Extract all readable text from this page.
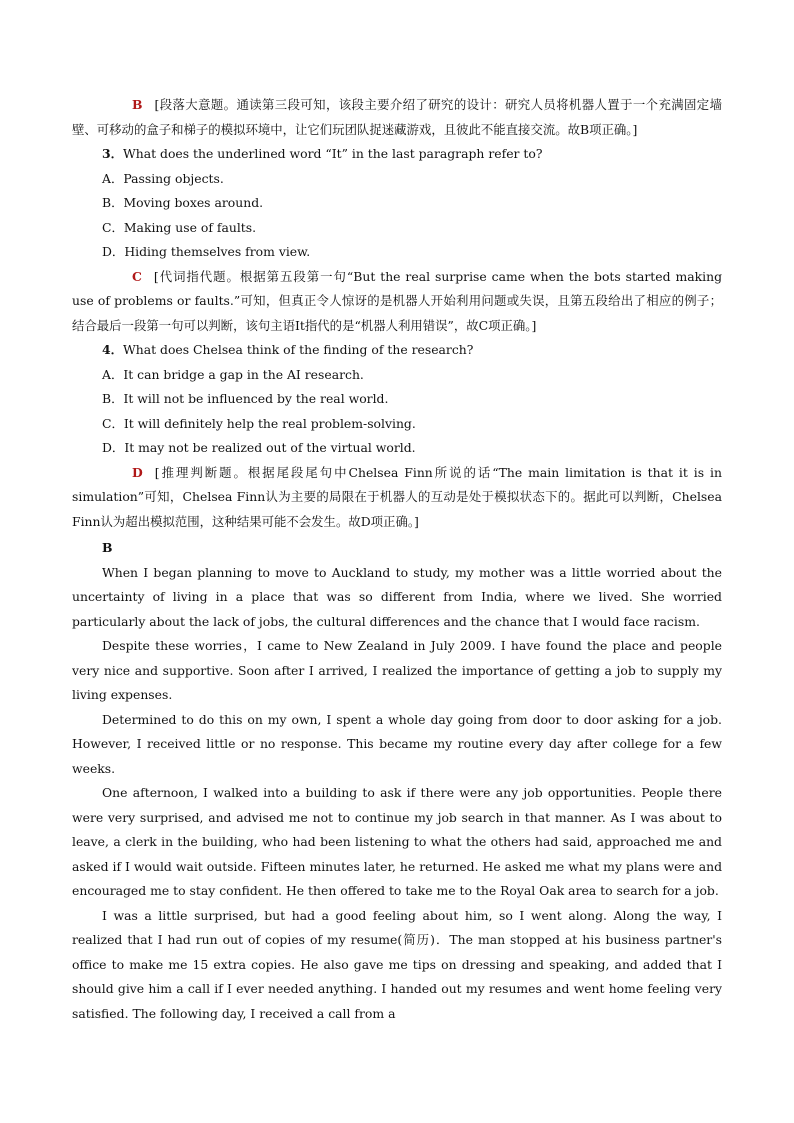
B [段落大意题。通读第三段可知，该段主要介绍了研究的设计：研究人员将机器人置于一个充满固定墙壁、可移动的盒子和梯子的模拟环境中，让它们玩团队捉迷藏游戏，且彼此不能直接交流。故B项正确。]

3．What does the underlined word “It” in the last paragraph refer to?

A．Passing objects.

B．Moving boxes around.

C．Making use of faults.

D．Hiding themselves from view.

C [代词指代题。根据第五段第一句“But the real surprise came when the bots started making use of problems or faults.”可知，但真正令人惊讶的是机器人开始利用问题或失误，且第五段给出了相应的例子；结合最后一段第一句可以判断，该句主语It指代的是“机器人利用错误”，故C项正确。]

4．What does Chelsea think of the finding of the research?

A．It can bridge a gap in the AI research.

B．It will not be influenced by the real world.

C．It will definitely help the real problem-solving.

D．It may not be realized out of the virtual world.

D [推理判断题。根据尾段尾句中Chelsea Finn所说的话“The main limitation is that it is in simulation”可知，Chelsea Finn认为主要的局限在于机器人的互动是处于模拟状态下的。据此可以判断，Chelsea Finn认为超出模拟范围，这种结果可能不会发生。故D项正确。]

B

When I began planning to move to Auckland to study, my mother was a little worried about the uncertainty of living in a place that was so different from India, where we lived. She worried particularly about the lack of jobs, the cultural differences and the chance that I would face racism.

Despite these worries，I came to New Zealand in July 2009. I have found the place and people very nice and supportive. Soon after I arrived, I realized the importance of getting a job to supply my living expenses.

Determined to do this on my own, I spent a whole day going from door to door asking for a job. However, I received little or no response. This became my routine every day after college for a few weeks.

One afternoon, I walked into a building to ask if there were any job opportunities. People there were very surprised, and advised me not to continue my job search in that manner. As I was about to leave, a clerk in the building, who had been listening to what the others had said, approached me and asked if I would wait outside. Fifteen minutes later, he returned. He asked me what my plans were and encouraged me to stay confident. He then offered to take me to the Royal Oak area to search for a job.

I was a little surprised, but had a good feeling about him, so I went along. Along the way, I realized that I had run out of copies of my resume(简历)．The man stopped at his business partner's office to make me 15 extra copies. He also gave me tips on dressing and speaking, and added that I should give him a call if I ever needed anything. I handed out my resumes and went home feeling very satisfied. The following day, I received a call from a
